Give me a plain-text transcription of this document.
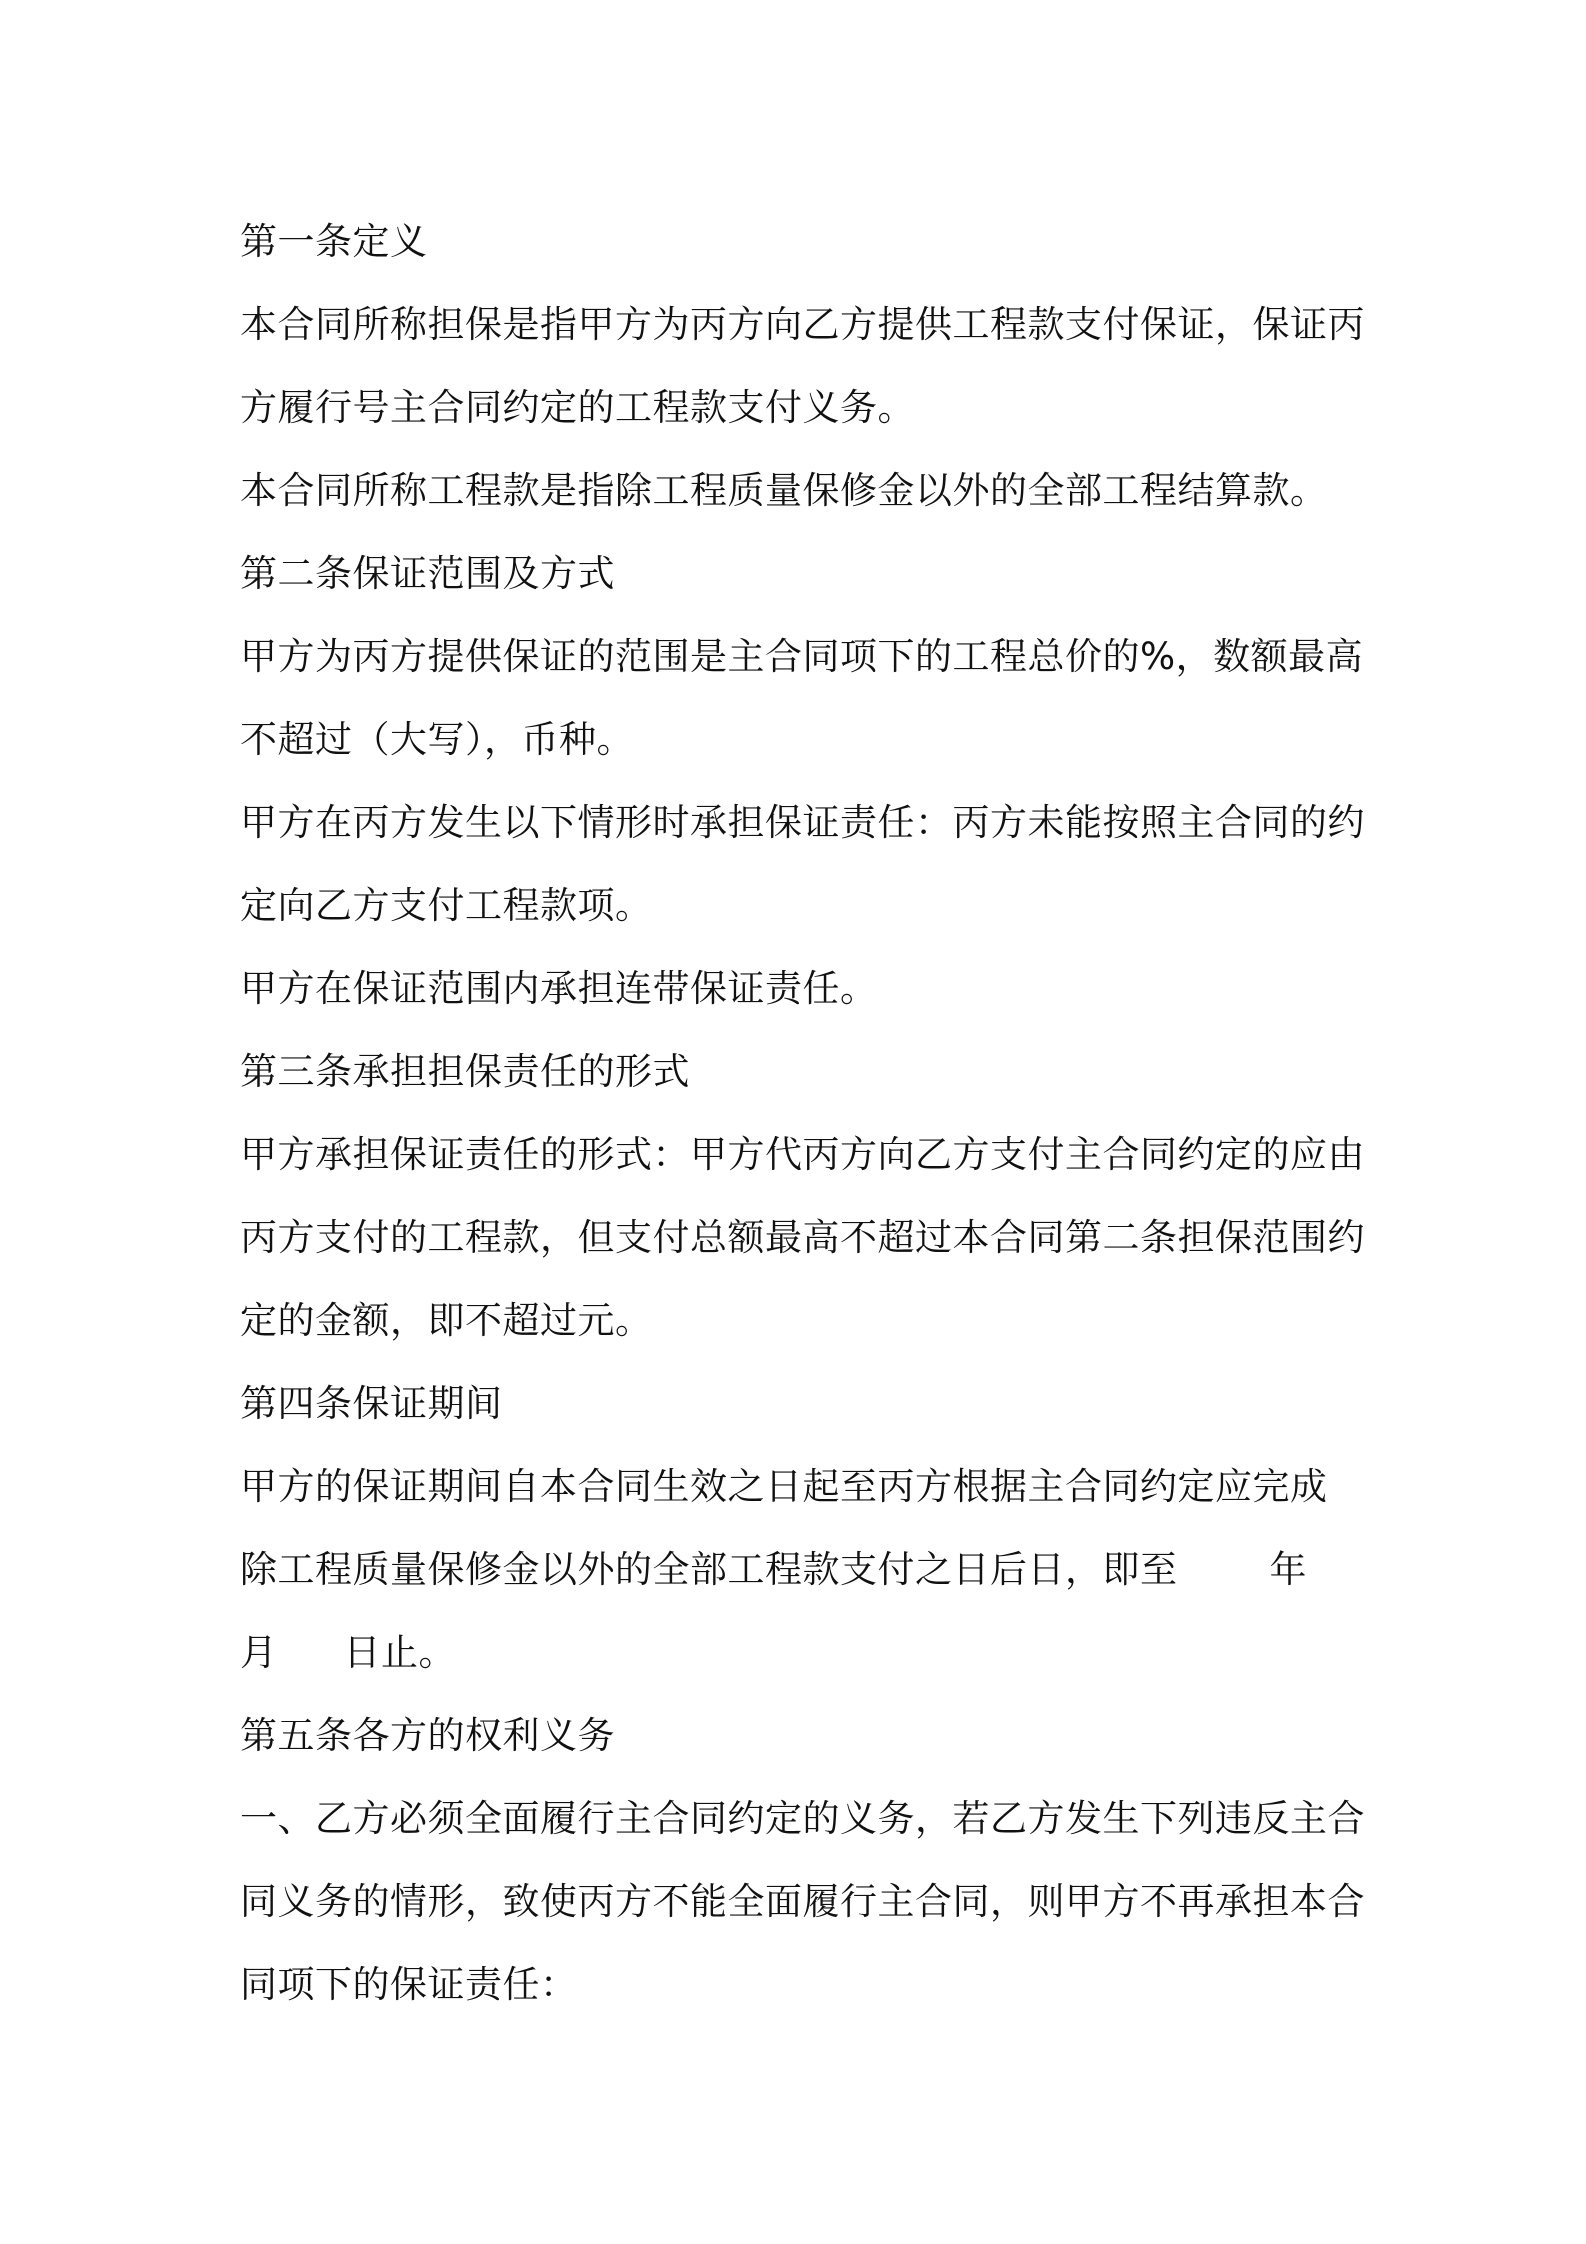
第一条定义
本合同所称担保是指甲方为丙方向乙方提供工程款支付保证，保证丙
方履行号主合同约定的工程款支付义务。
本合同所称工程款是指除工程质量保修金以外的全部工程结算款。
第二条保证范围及方式
甲方为丙方提供保证的范围是主合同项下的工程总价的%，数额最高
不超过（大写），币种。
甲方在丙方发生以下情形时承担保证责任：丙方未能按照主合同的约
定向乙方支付工程款项。
甲方在保证范围内承担连带保证责任。
第三条承担担保责任的形式
甲方承担保证责任的形式：甲方代丙方向乙方支付主合同约定的应由
丙方支付的工程款，但支付总额最高不超过本合同第二条担保范围约
定的金额，即不超过元。
第四条保证期间
甲方的保证期间自本合同生效之日起至丙方根据主合同约定应完成
除工程质量保修金以外的全部工程款支付之日后日，即至 年
月 日止。
第五条各方的权利义务
一、乙方必须全面履行主合同约定的义务，若乙方发生下列违反主合
同义务的情形，致使丙方不能全面履行主合同，则甲方不再承担本合
同项下的保证责任：
